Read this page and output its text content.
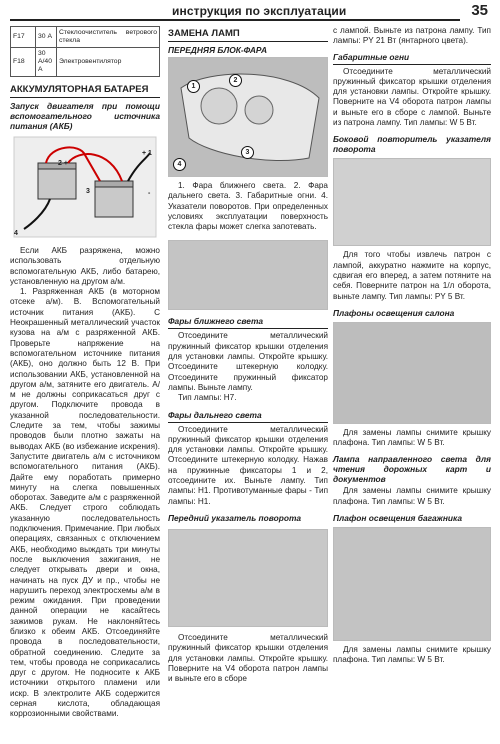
инструкция по эксплуатации	35
F17	30 А	Стеклоочиститель ветрового стекла
F18	30 А/40 А	Электровентилятор
АККУМУЛЯТОРНАЯ БАТАРЕЯ
Запуск двигателя при помощи вспомогательного источника питания (АКБ)
2 +
+ 1
3
4
-

Если АКБ разряжена, можно использовать отдельную вспомогательную АКБ, либо батарею, установленную на другом а/м.

1. Разряженная АКБ (в моторном отсеке а/м). В. Вспомогательный источник питания (АКБ). С Неокрашенный металлический участок кузова на а/м с разряженной АКБ. Проверьте напряжение на вспомогательном источнике питания (АКБ), оно должно быть 12 В. При использовании АКБ, установленной на другом а/м, затяните его двигатель. А/м не должны соприкасаться друг с другом. Подключите провода в указанной последовательности. Следите за тем, чтобы зажимы проводов были плотно зажаты на выводах АКБ (во избежание искрения). Запустите двигатель а/м с источником вспомогательного питания (АКБ). Дайте ему поработать примерно минуту на слегка повышенных оборотах. Заведите а/м с разряженной АКБ. Следует строго соблюдать указанную последовательность подключения. Примечание. При любых операциях, связанных с отключением АКБ, необходимо выждать три минуты после выключения зажигания, не следует открывать двери и окна, начинать на пуск ДУ и пр., чтобы не нарушить переход электросхемы а/м в режим ожидания. При проведении данной операции не касайтесь зажимов рукам. Не наклоняйтесь близко к обеим АКБ. Отсоединяйте провода в последовательности, обратной соединению. Следите за тем, чтобы провода не соприкасались друг с другом. Не подносите к АКБ источники открытого пламени или искр. В электролите АКБ содержится серная кислота, обладающая коррозионными свойствами.

ЗАМЕНА ЛАМП
ПЕРЕДНЯЯ БЛОК-ФАРА
1
2
3
4

1. Фара ближнего света. 2. Фара дальнего света. 3. Габаритные огни. 4. Указатели поворотов. При определенных условиях эксплуатации поверхность стекла фары может слегка запотевать.

Фары ближнего света

Отсоедините металлический пружинный фиксатор крышки отделения для установки лампы. Откройте крышку. Отсоедините штекерную колодку. Отсоедините пружинный фиксатор лампы. Выньте лампу.

Тип лампы: Н7.

Фары дальнего света

Отсоедините металлический пружинный фиксатор крышки отделения для установки лампы. Откройте крышку. Отсоедините штекерную колодку. Нажав на пружинные фиксаторы 1 и 2, отсоедините их. Выньте лампу. Тип лампы: Н1. Противотуманные фары - Тип лампы: Н1.

Передний указатель поворота

Отсоедините металлический пружинный фиксатор крышки отделения для установки лампы. Откройте крышку. Поверните на V4 оборота патрон лампы и выньте его в сборе

с лампой. Выньте из патрона лампу. Тип лампы: PY 21 Вт (янтарного цвета).

Габаритные огни

Отсоедините металлический пружинный фиксатор крышки отделения для установки лампы. Откройте крышку. Поверните на V4 оборота патрон лампы и выньте его в сборе с лампой. Выньте из патрона лампу. Тип лампы: W 5 Вт.

Боковой повторитель указателя поворота

Для того чтобы извлечь патрон с лампой, аккуратно нажмите на корпус, сдвигая его вперед, а затем потяните на себя. Поверните патрон на 1/л оборота, выньте лампу. Тип лампы: PY 5 Вт.

Плафоны освещения салона

Для замены лампы снимите крышку плафона. Тип лампы: W 5 Вт.

Лампа направленного света для чтения дорожных карт и документов

Для замены лампы снимите крышку плафона. Тип лампы: W 5 Вт.

Плафон освещения багажника

Для замены лампы снимите крышку плафона. Тип лампы: W 5 Вт.
